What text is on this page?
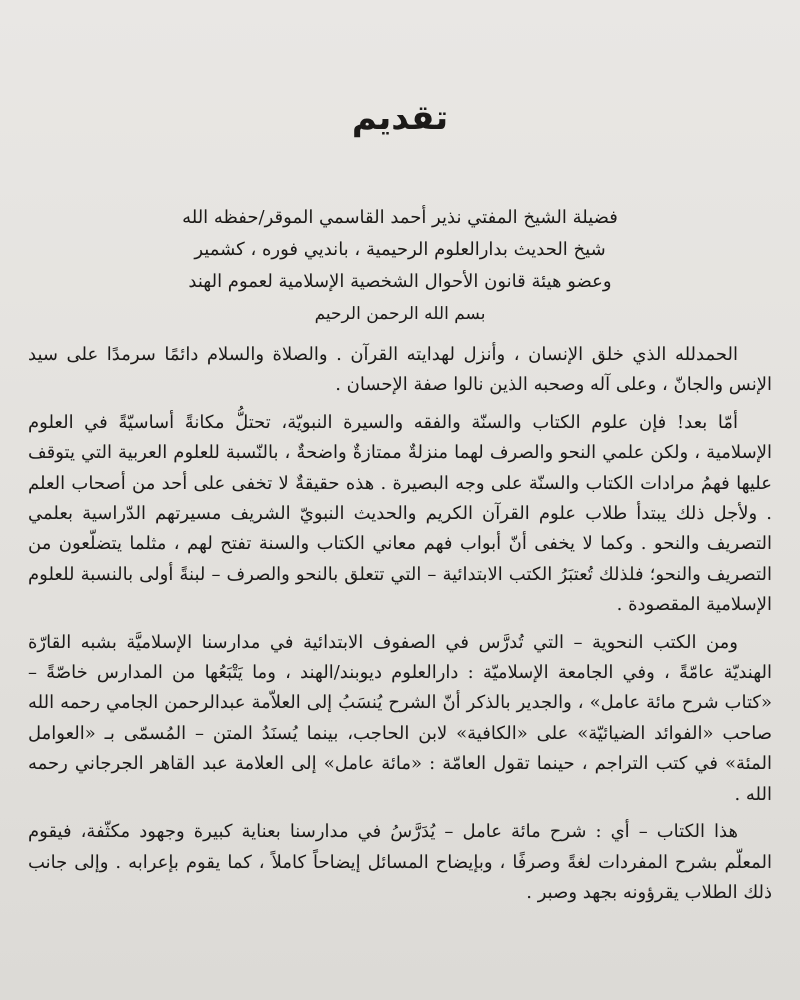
تقديم
فضيلة الشيخ المفتي نذير أحمد القاسمي الموقر/حفظه الله
شيخ الحديث بدارالعلوم الرحيمية ، بانديي فوره ، كشمير
وعضو هيئة قانون الأحوال الشخصية الإسلامية لعموم الهند
بسم الله الرحمن الرحيم

الحمدلله الذي خلق الإنسان ، وأنزل لهدايته القرآن . والصلاة والسلام دائمًا سرمدًا على سيد الإنس والجانّ ، وعلى آله وصحبه الذين نالوا صفة الإحسان .

أمّا بعد! فإن علوم الكتاب والسنّة والفقه والسيرة النبويّة، تحتلُّ مكانةً أساسيّةً في العلوم الإسلامية ، ولكن علمي النحو والصرف لهما منزلةٌ ممتازةٌ واضحةٌ ، بالنّسبة للعلوم العربية التي يتوقف عليها فهمُ مرادات الكتاب والسنّة على وجه البصيرة . هذه حقيقةٌ لا تخفى على أحد من أصحاب العلم . ولأجل ذلك يبتدأ طلاب علوم القرآن الكريم والحديث النبويّ الشريف مسيرتهم الدّراسية بعلمي التصريف والنحو . وكما لا يخفى أنّ أبواب فهم معاني الكتاب والسنة تفتح لهم ، مثلما يتضلّعون من التصريف والنحو؛ فلذلك تُعتبَرُ الكتب الابتدائية – التي تتعلق بالنحو والصرف – لبنةً أولى بالنسبة للعلوم الإسلامية المقصودة .

ومن الكتب النحوية – التي تُدرَّس في الصفوف الابتدائية في مدارسنا الإسلاميَّة بشبه القارّة الهنديّة عامّةً ، وفي الجامعة الإسلاميّة : دارالعلوم ديوبند/الهند ، وما يَتْبَعُها من المدارس خاصّةً – «كتاب شرح مائة عامل» ، والجدير بالذكر أنّ الشرح يُنسَبُ إلى العلاّمة عبدالرحمن الجامي رحمه الله صاحب «الفوائد الضيائيّة» على «الكافية» لابن الحاجب، بينما يُسنَدُ المتن – المُسمّى بـ «العوامل المئة» في كتب التراجم ، حينما تقول العامّة : «مائة عامل» إلى العلامة عبد القاهر الجرجاني رحمه الله .

هذا الكتاب – أي : شرح مائة عامل – يُدَرَّسُ في مدارسنا بعناية كبيرة وجهود مكثّفة، فيقوم المعلّم بشرح المفردات لغةً وصرفًا ، وبإيضاح المسائل إيضاحاً كاملاً ، كما يقوم بإعرابه . وإلى جانب ذلك الطلاب يقرؤونه بجهد وصبر .
